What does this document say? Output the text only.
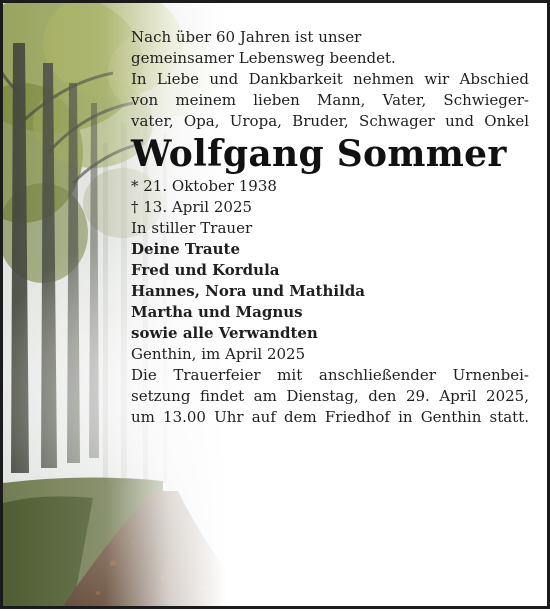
Nach über 60 Jahren ist unser
gemeinsamer Lebensweg beendet.

In Liebe und Dankbarkeit nehmen wir Abschied
von meinem lieben Mann, Vater, Schwieger-
vater, Opa, Uropa, Bruder, Schwager und Onkel

Wolfgang Sommer

* 21. Oktober 1938
† 13. April 2025

In stiller Trauer
Deine Traute
Fred und Kordula
Hannes, Nora und Mathilda
Martha und Magnus
sowie alle Verwandten

Genthin, im April 2025

Die Trauerfeier mit anschließender Urnenbei-
setzung findet am Dienstag, den 29. April 2025,
um 13.00 Uhr auf dem Friedhof in Genthin statt.
